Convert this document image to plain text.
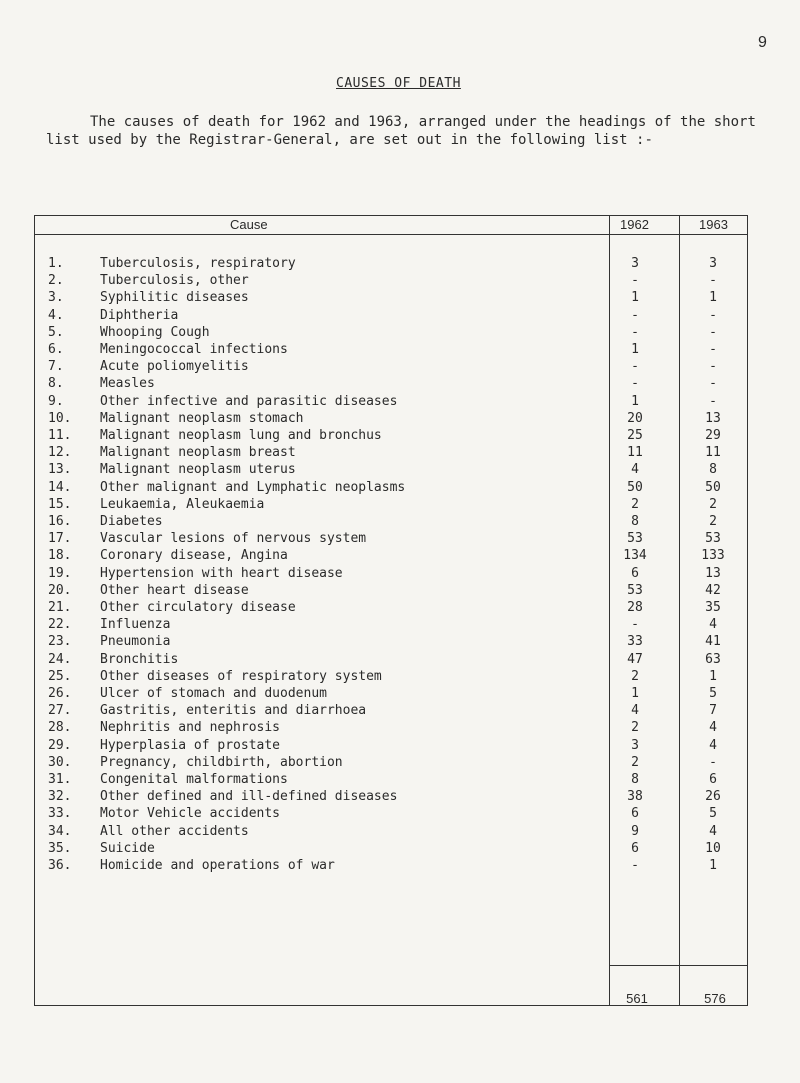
9
CAUSES OF DEATH

The causes of death for 1962 and 1963, arranged under the headings of the short list used by the Registrar-General, are set out in the following list :-

Cause	1962	1963
1.	Tuberculosis, respiratory	3	3
2.	Tuberculosis, other	-	-
3.	Syphilitic diseases	1	1
4.	Diphtheria	-	-
5.	Whooping Cough	-	-
6.	Meningococcal infections	1	-
7.	Acute poliomyelitis	-	-
8.	Measles	-	-
9.	Other infective and parasitic diseases	1	-
10. Malignant neoplasm stomach	20	13
11. Malignant neoplasm lung and bronchus	25	29
12. Malignant neoplasm breast	11	11
13. Malignant neoplasm uterus	4	8
14. Other malignant and Lymphatic neoplasms	50	50
15. Leukaemia, Aleukaemia	2	2
16. Diabetes	8	2
17. Vascular lesions of nervous system	53	53
18. Coronary disease, Angina	134	133
19. Hypertension with heart disease	6	13
20. Other heart disease	53	42
21. Other circulatory disease	28	35
22. Influenza	-	4
23. Pneumonia	33	41
24. Bronchitis	47	63
25. Other diseases of respiratory system	2	1
26. Ulcer of stomach and duodenum	1	5
27. Gastritis, enteritis and diarrhoea	4	7
28. Nephritis and nephrosis	2	4
29. Hyperplasia of prostate	3	4
30. Pregnancy, childbirth, abortion	2	-
31. Congenital malformations	8	6
32. Other defined and ill-defined diseases	38	26
33. Motor Vehicle accidents	6	5
34. All other accidents	9	4
35. Suicide	6	10
36. Homicide and operations of war	-	1
561	576
